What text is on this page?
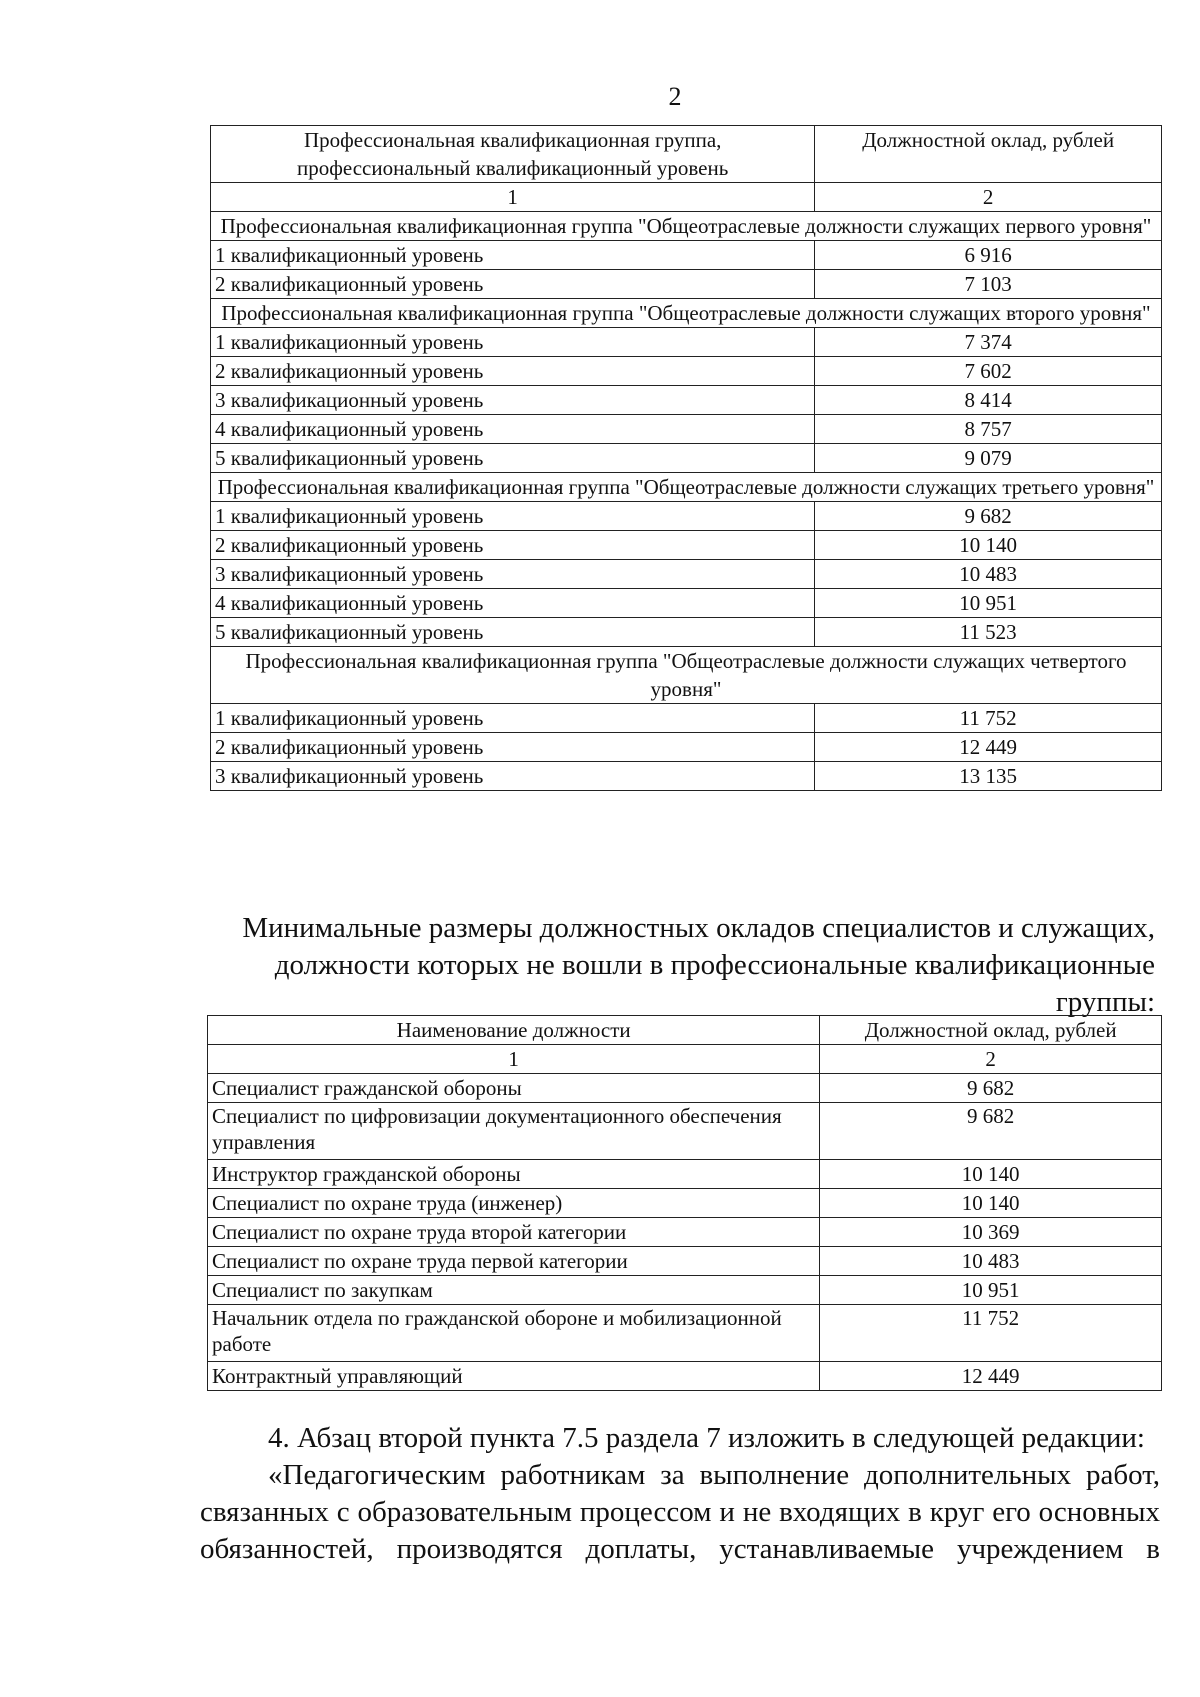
2
Профессиональная квалификационная группа, профессиональный квалификационный уровень	Должностной оклад, рублей
1	2
Профессиональная квалификационная группа "Общеотраслевые должности служащих первого уровня"	
1 квалификационный уровень	6 916
2 квалификационный уровень	7 103
Профессиональная квалификационная группа "Общеотраслевые должности служащих второго уровня"	
1 квалификационный уровень	7 374
2 квалификационный уровень	7 602
3 квалификационный уровень	8 414
4 квалификационный уровень	8 757
5 квалификационный уровень	9 079
Профессиональная квалификационная группа "Общеотраслевые должности служащих третьего уровня"	
1 квалификационный уровень	9 682
2 квалификационный уровень	10 140
3 квалификационный уровень	10 483
4 квалификационный уровень	10 951
5 квалификационный уровень	11 523
Профессиональная квалификационная группа "Общеотраслевые должности служащих четвертого уровня"	
1 квалификационный уровень	11 752
2 квалификационный уровень	12 449
3 квалификационный уровень	13 135
Минимальные размеры должностных окладов специалистов и служащих,
должности которых не вошли в профессиональные квалификационные группы:
Наименование должности	Должностной оклад, рублей
1	2
Специалист гражданской обороны	9 682
Специалист по цифровизации документационного обеспечения управления	9 682
Инструктор гражданской обороны	10 140
Специалист по охране труда (инженер)	10 140
Специалист по охране труда второй категории	10 369
Специалист по охране труда первой категории	10 483
Специалист по закупкам	10 951
Начальник отдела по гражданской обороне и мобилизационной работе	11 752
Контрактный управляющий	12 449
4. Абзац второй пункта 7.5 раздела 7 изложить в следующей редакции:
«Педагогическим работникам за выполнение дополнительных работ,
связанных с образовательным процессом и не входящих в круг его основных
обязанностей, производятся доплаты, устанавливаемые учреждением в
